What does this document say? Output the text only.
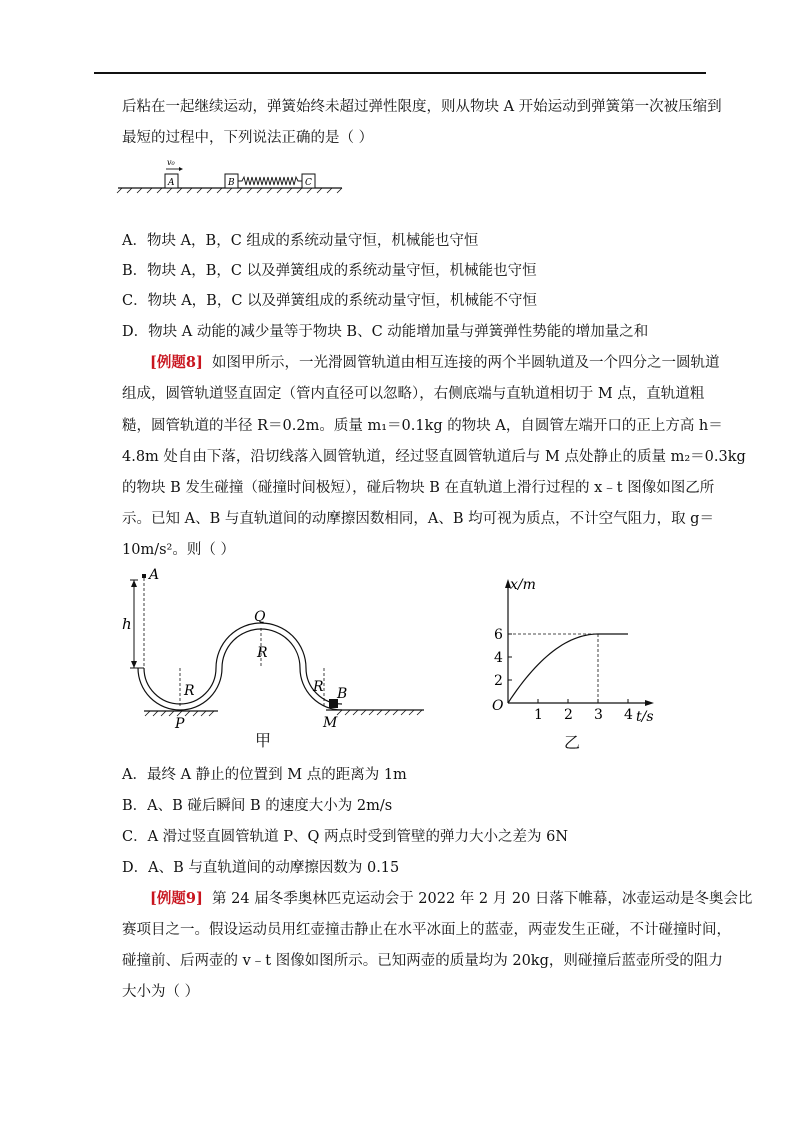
后粘在一起继续运动，弹簧始终未超过弹性限度，则从物块 A 开始运动到弹簧第一次被压缩到
最短的过程中，下列说法正确的是（ ）
A
v₀
B	C
A．物块 A，B，C 组成的系统动量守恒，机械能也守恒
B．物块 A，B，C 以及弹簧组成的系统动量守恒，机械能也守恒
C．物块 A，B，C 以及弹簧组成的系统动量守恒，机械能不守恒
D．物块 A 动能的减少量等于物块 B、C 动能增加量与弹簧弹性势能的增加量之和
[例题8] 如图甲所示，一光滑圆管轨道由相互连接的两个半圆轨道及一个四分之一圆轨道
组成，圆管轨道竖直固定（管内直径可以忽略），右侧底端与直轨道相切于 M 点，直轨道粗
糙，圆管轨道的半径 R＝0.2m。质量 m₁＝0.1kg 的物块 A，自圆管左端开口的正上方高 h＝
4.8m 处自由下落，沿切线落入圆管轨道，经过竖直圆管轨道后与 M 点处静止的质量 m₂＝0.3kg
的物块 B 发生碰撞（碰撞时间极短），碰后物块 B 在直轨道上滑行过程的 x﹣t 图像如图乙所
示。已知 A、B 与直轨道间的动摩擦因数相同，A、B 均可视为质点，不计空气阻力，取 g＝
10m/s²。则（ ）
h
A
P
R
Q
R
R B
M
甲
x/m
t/s
O
2
4
6
1 2 3 4
乙
A．最终 A 静止的位置到 M 点的距离为 1m
B．A、B 碰后瞬间 B 的速度大小为 2m/s
C．A 滑过竖直圆管轨道 P、Q 两点时受到管壁的弹力大小之差为 6N
D．A、B 与直轨道间的动摩擦因数为 0.15
[例题9] 第 24 届冬季奥林匹克运动会于 2022 年 2 月 20 日落下帷幕，冰壶运动是冬奥会比
赛项目之一。假设运动员用红壶撞击静止在水平冰面上的蓝壶，两壶发生正碰，不计碰撞时间，
碰撞前、后两壶的 v﹣t 图像如图所示。已知两壶的质量均为 20kg，则碰撞后蓝壶所受的阻力
大小为（ ）
